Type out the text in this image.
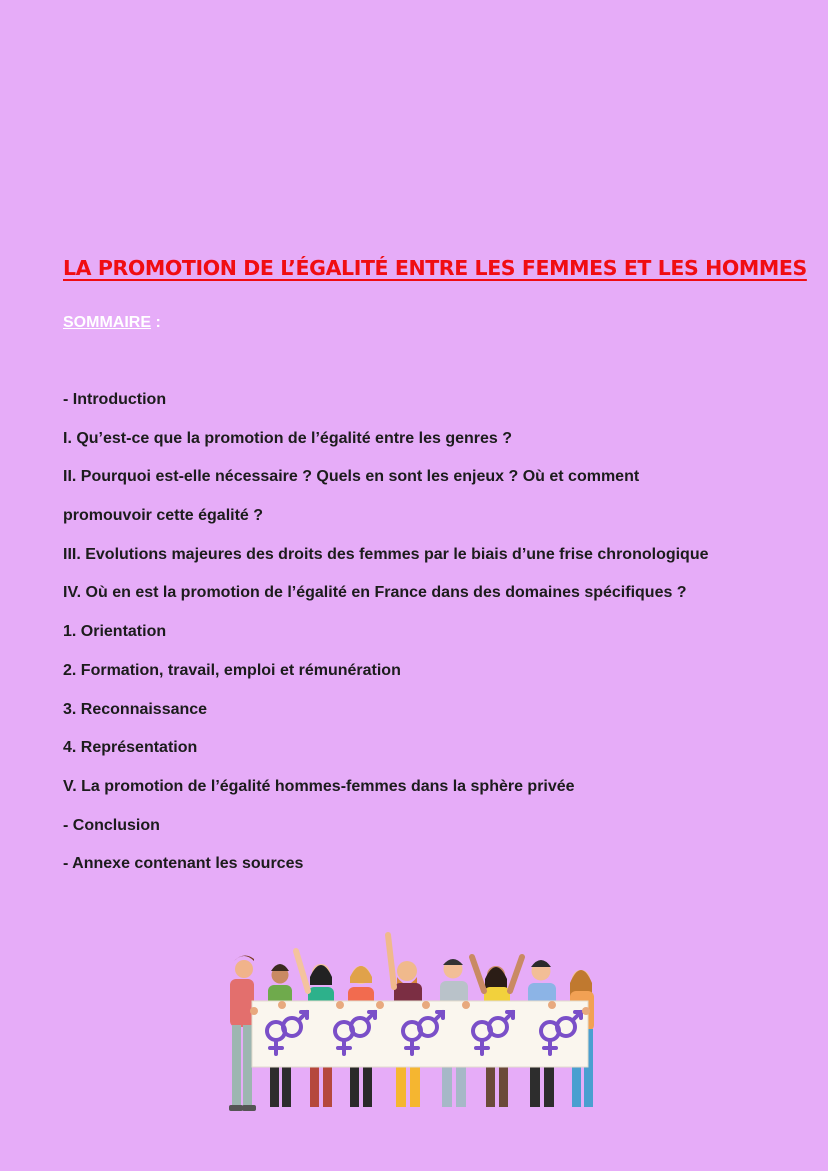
LA PROMOTION DE L’ÉGALITÉ ENTRE LES FEMMES ET LES HOMMES
SOMMAIRE :
- Introduction
I. Qu’est-ce que la promotion de l’égalité entre les genres ?
II. Pourquoi est-elle nécessaire ? Quels en sont les enjeux ? Où et comment
promouvoir cette égalité ?
III. Evolutions majeures des droits des femmes par le biais d’une frise chronologique
IV. Où en est la promotion de l’égalité en France dans des domaines spécifiques ?
1. Orientation
2. Formation, travail, emploi et rémunération
3. Reconnaissance
4. Représentation
V. La promotion de l’égalité hommes-femmes dans la sphère privée
- Conclusion
- Annexe contenant les sources
